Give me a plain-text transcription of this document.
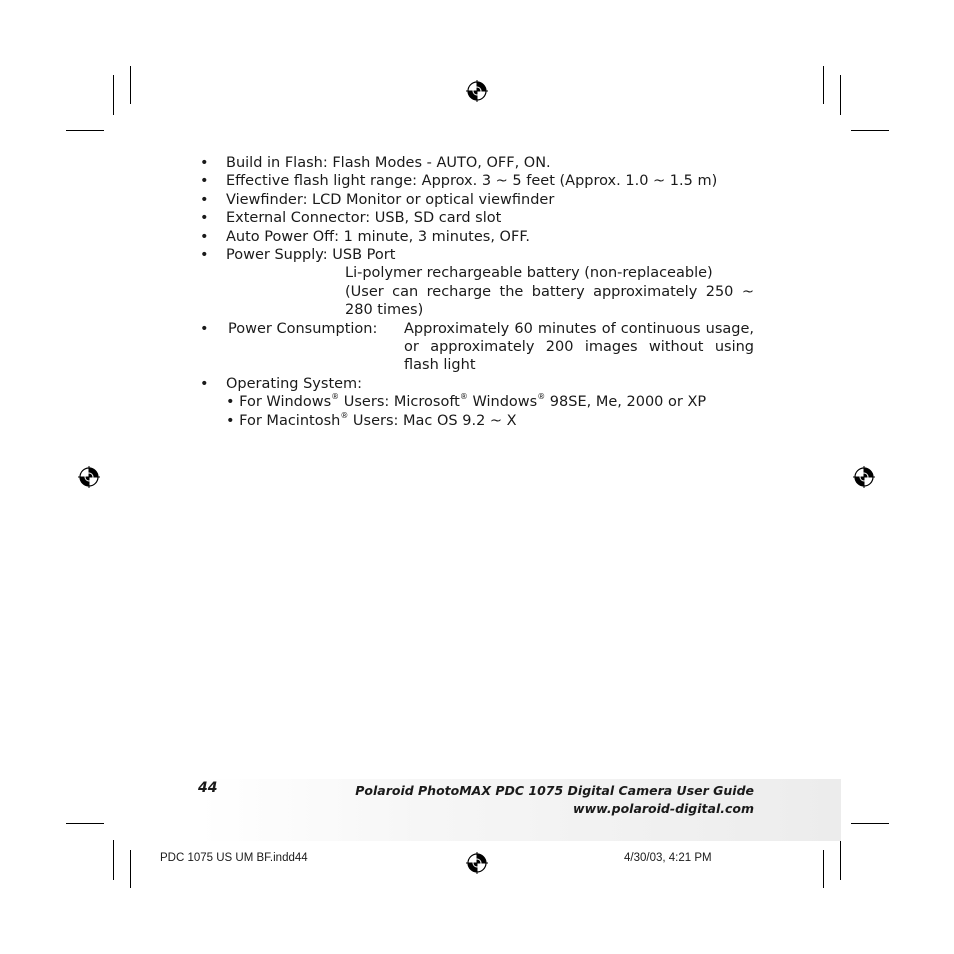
• Build in Flash: Flash Modes - AUTO, OFF, ON.
• Effective flash light range: Approx. 3 ~ 5 feet (Approx. 1.0 ~ 1.5 m)
• Viewfinder: LCD Monitor or optical viewfinder
• External Connector: USB, SD card slot
• Auto Power Off: 1 minute, 3 minutes, OFF.
• Power Supply: USB Port
Li-polymer rechargeable battery (non-replaceable)
(User can recharge the battery approximately 250 ~ 280 times)
• Power Consumption:	Approximately 60 minutes of continuous usage, or approximately 200 images without using flash light
• Operating System:
• For Windows® Users: Microsoft® Windows® 98SE, Me, 2000 or XP
• For Macintosh® Users: Mac OS 9.2 ~ X
44	Polaroid PhotoMAX PDC 1075 Digital Camera User Guide
www.polaroid-digital.com
PDC 1075 US UM BF.indd44	4/30/03, 4:21 PM
